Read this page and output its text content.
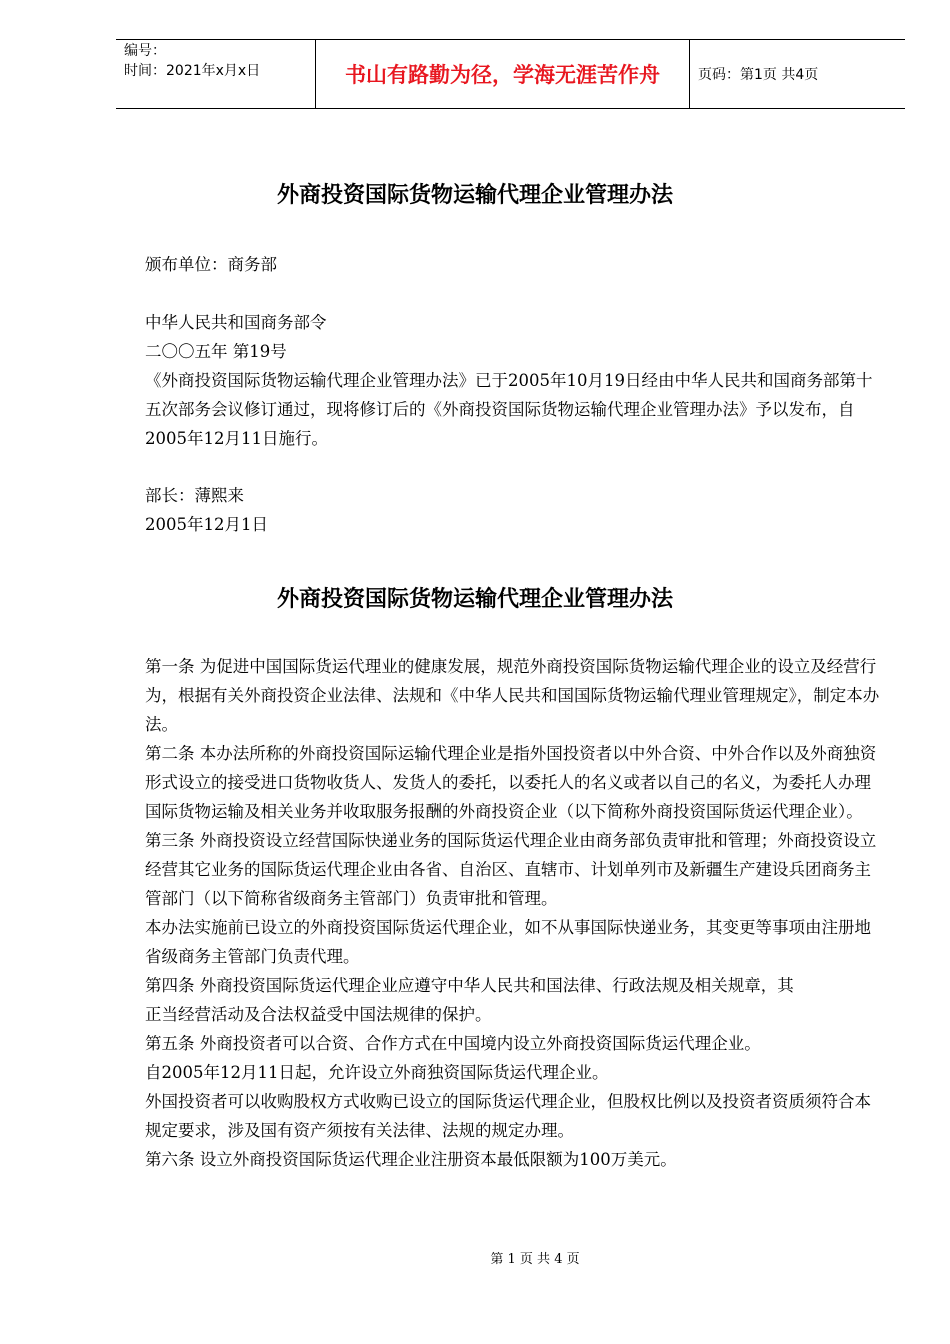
编号：
时间：2021年x月x日	书山有路勤为径，学海无涯苦作舟	页码：第1页 共4页
外商投资国际货物运输代理企业管理办法

颁布单位：商务部

中华人民共和国商务部令

二〇〇五年 第19号

《外商投资国际货物运输代理企业管理办法》已于2005年10月19日经由中华人民共和国商务部第十五次部务会议修订通过，现将修订后的《外商投资国际货物运输代理企业管理办法》予以发布，自2005年12月11日施行。

部长：薄熙来

2005年12月1日

外商投资国际货物运输代理企业管理办法

第一条 为促进中国国际货运代理业的健康发展，规范外商投资国际货物运输代理企业的设立及经营行为，根据有关外商投资企业法律、法规和《中华人民共和国国际货物运输代理业管理规定》，制定本办法。

第二条 本办法所称的外商投资国际运输代理企业是指外国投资者以中外合资、中外合作以及外商独资形式设立的接受进口货物收货人、发货人的委托，以委托人的名义或者以自己的名义，为委托人办理国际货物运输及相关业务并收取服务报酬的外商投资企业（以下简称外商投资国际货运代理企业）。

第三条 外商投资设立经营国际快递业务的国际货运代理企业由商务部负责审批和管理；外商投资设立经营其它业务的国际货运代理企业由各省、自治区、直辖市、计划单列市及新疆生产建设兵团商务主管部门（以下简称省级商务主管部门）负责审批和管理。

本办法实施前已设立的外商投资国际货运代理企业，如不从事国际快递业务，其变更等事项由注册地省级商务主管部门负责代理。

第四条 外商投资国际货运代理企业应遵守中华人民共和国法律、行政法规及相关规章，其

正当经营活动及合法权益受中国法规律的保护。

第五条 外商投资者可以合资、合作方式在中国境内设立外商投资国际货运代理企业。

自2005年12月11日起，允许设立外商独资国际货运代理企业。

外国投资者可以收购股权方式收购已设立的国际货运代理企业，但股权比例以及投资者资质须符合本规定要求，涉及国有资产须按有关法律、法规的规定办理。

第六条 设立外商投资国际货运代理企业注册资本最低限额为100万美元。

第 1 页 共 4 页
